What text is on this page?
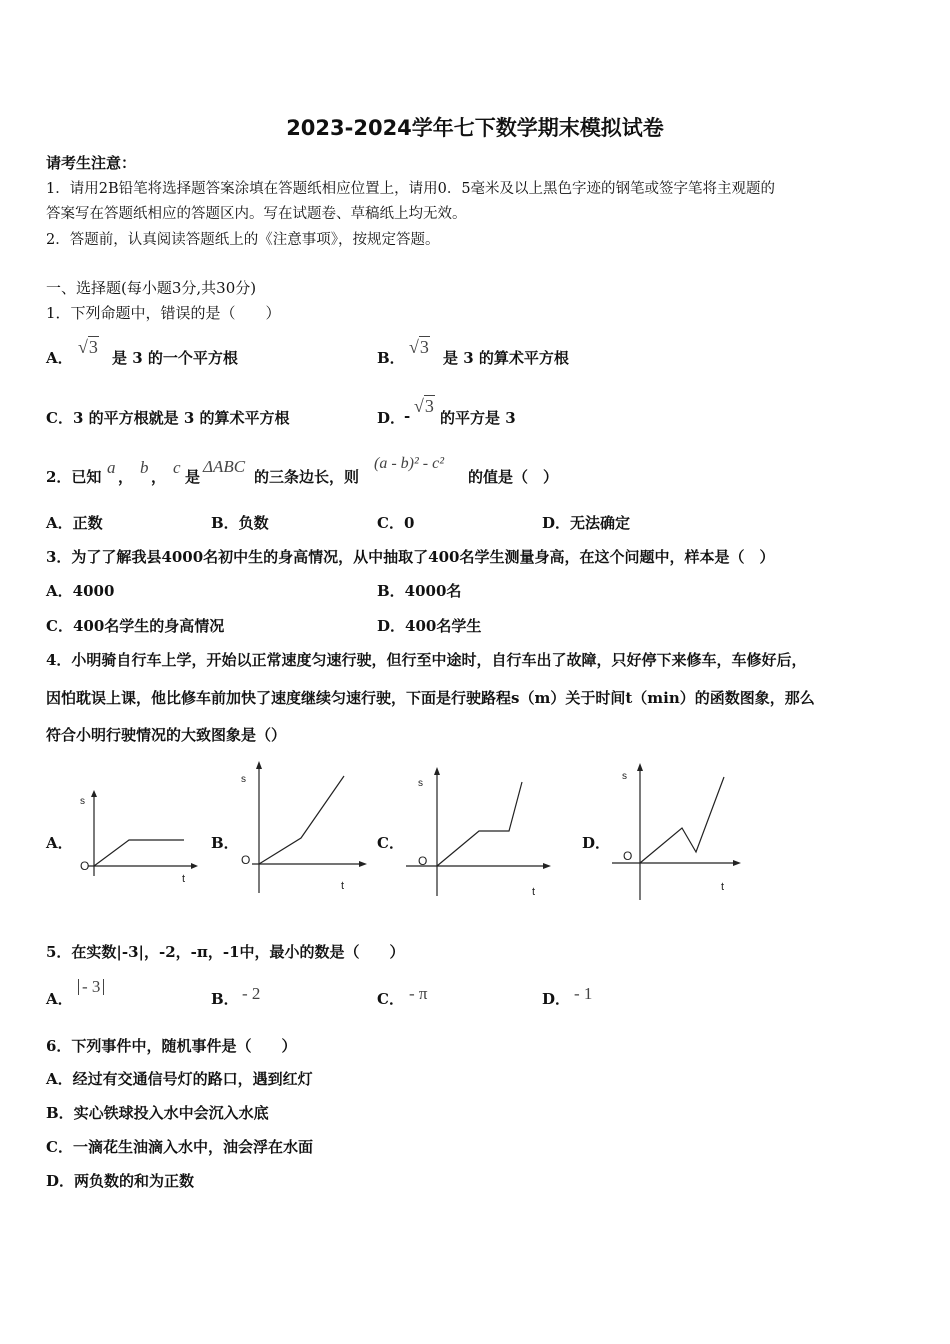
2023-2024学年七下数学期末模拟试卷
请考生注意：
1．请用2B铅笔将选择题答案涂填在答题纸相应位置上，请用0．5毫米及以上黑色字迹的钢笔或签字笔将主观题的
答案写在答题纸相应的答题区内。写在试题卷、草稿纸上均无效。
2．答题前，认真阅读答题纸上的《注意事项》，按规定答题。
一、选择题(每小题3分,共30分)
1．下列命题中，错误的是（　　）
A．
√3
是 3 的一个平方根	B．
√3
是 3 的算术平方根
C．3 的平方根就是 3 的算术平方根	D．
- √3
的平方是 3
2．已知 a ， b ， c 是
ΔABC
的三条边长，则
(a - b)² - c²
的值是（　）
A．正数	B．负数	C．0	D．无法确定
3．为了了解我县4000名初中生的身高情况，从中抽取了400名学生测量身高，在这个问题中，样本是（　）
A．4000	B．4000名
C．400名学生的身高情况	D．400名学生
4．小明骑自行车上学，开始以正常速度匀速行驶，但行至中途时，自行车出了故障，只好停下来修车，车修好后，
因怕耽误上课，他比修车前加快了速度继续匀速行驶，下面是行驶路程s（m）关于时间t（min）的函数图象，那么
符合小明行驶情况的大致图象是（）
A．	B．	C．	D．
s
O
t
s
O
t
s
O
t
s
O
t
5．在实数|-3|，-2，-π，-1中，最小的数是（　　）
A．
- 3
B． - 2	C． - π	D． - 1
6．下列事件中，随机事件是（　　）
A．经过有交通信号灯的路口，遇到红灯
B．实心铁球投入水中会沉入水底
C．一滴花生油滴入水中，油会浮在水面
D．两负数的和为正数
